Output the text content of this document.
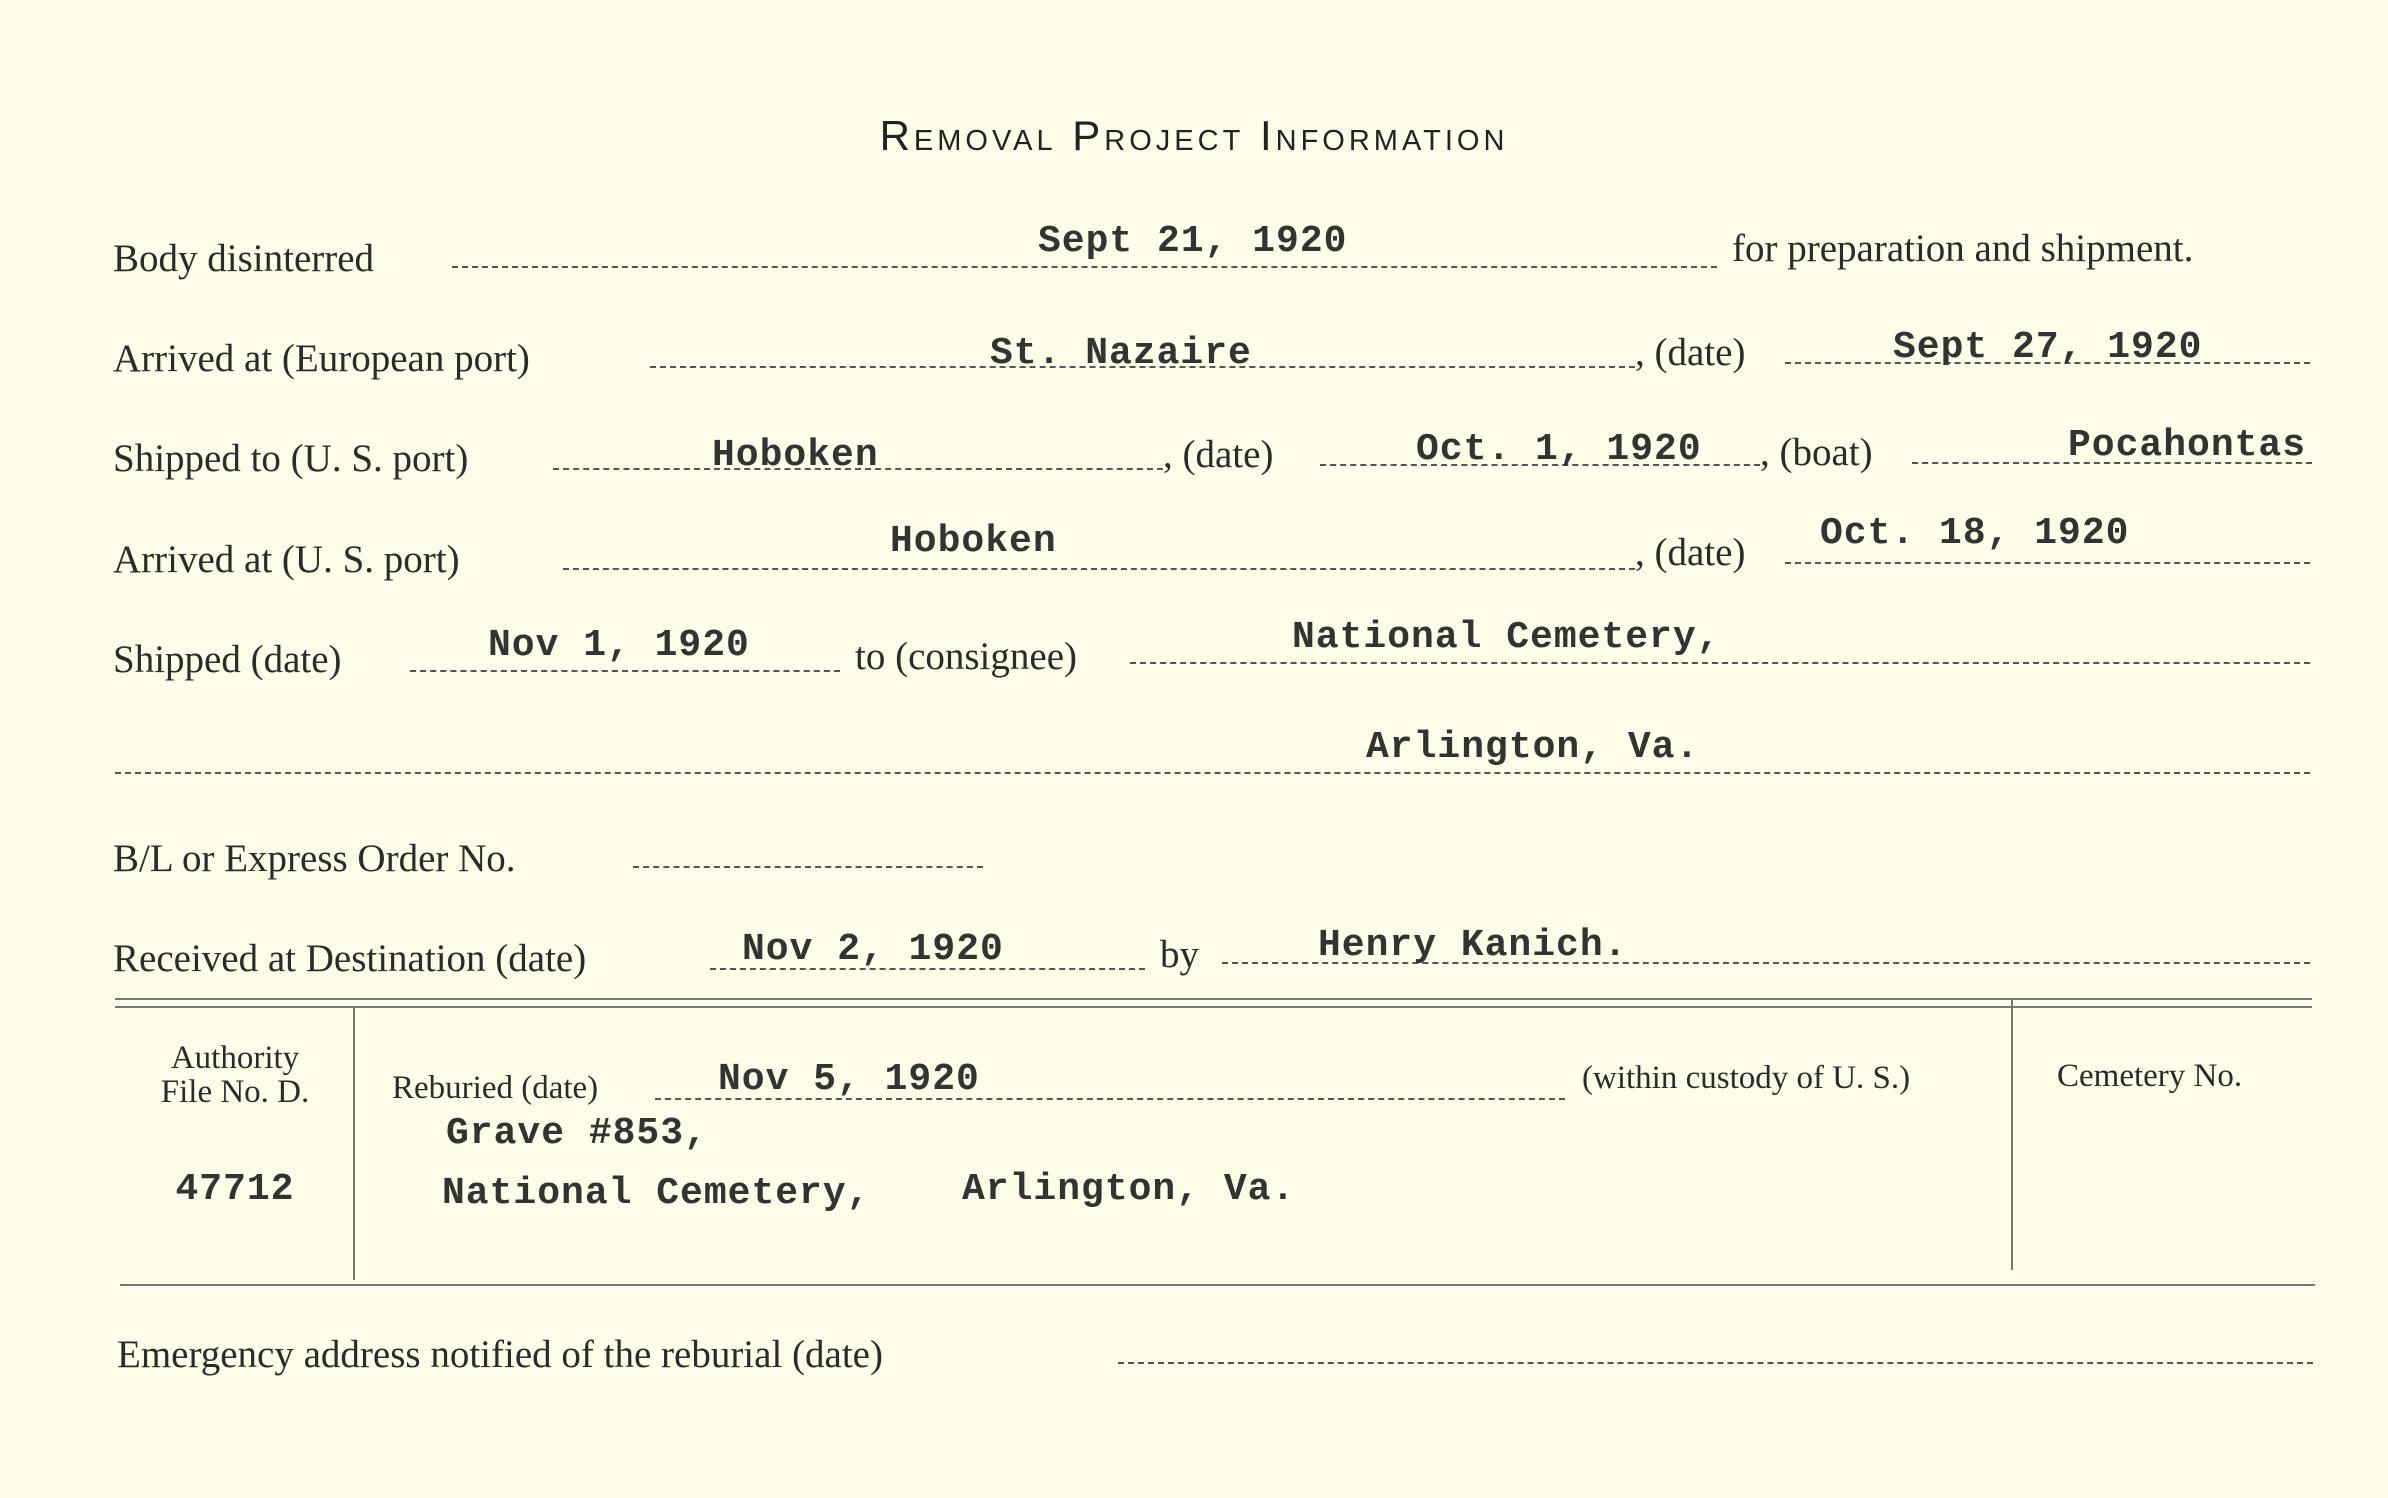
Removal Project Information
Body disinterred	Sept 21, 1920	for preparation and shipment.
Arrived at (European port)	St. Nazaire	, (date)	Sept 27, 1920
Shipped to (U. S. port)	Hoboken	, (date)	Oct. 1, 1920 , (boat)	Pocahontas
Arrived at (U. S. port)	Hoboken	, (date) Oct. 18, 1920
Shipped (date)	Nov 1, 1920	to (consignee)	National Cemetery,
Arlington, Va.
B/L or Express Order No.
Received at Destination (date)	Nov 2, 1920	by	Henry Kanich.
Authority
File No. D.
47712
Reburied (date)	Nov 5, 1920	(within custody of U. S.)
Grave #853,
National Cemetery, Arlington, Va.
Cemetery No.
Emergency address notified of the reburial (date)
